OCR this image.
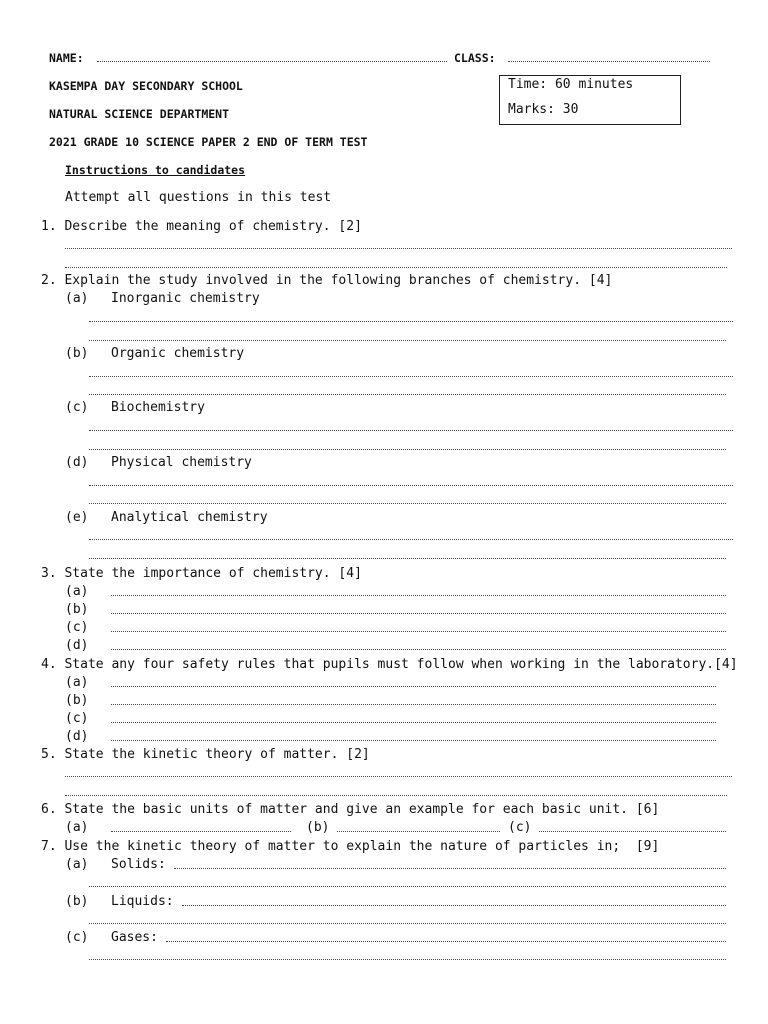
NAME:	CLASS:
KASEMPA DAY SECONDARY SCHOOL
NATURAL SCIENCE DEPARTMENT
2021 GRADE 10 SCIENCE PAPER 2 END OF TERM TEST
Time: 60 minutes
Marks: 30
Instructions to candidates
Attempt all questions in this test
1. Describe the meaning of chemistry. [2]
2. Explain the study involved in the following branches of chemistry. [4]
(a) Inorganic chemistry
(b) Organic chemistry
(c) Biochemistry
(d) Physical chemistry
(e) Analytical chemistry
3. State the importance of chemistry. [4]
(a)
(b)
(c)
(d)
4. State any four safety rules that pupils must follow when working in the laboratory.[4]
(a)
(b)
(c)
(d)
5. State the kinetic theory of matter. [2]
6. State the basic units of matter and give an example for each basic unit. [6]
(a)	(b)	(c)
7. Use the kinetic theory of matter to explain the nature of particles in;  [9]
(a) Solids:
(b) Liquids:
(c) Gases:
